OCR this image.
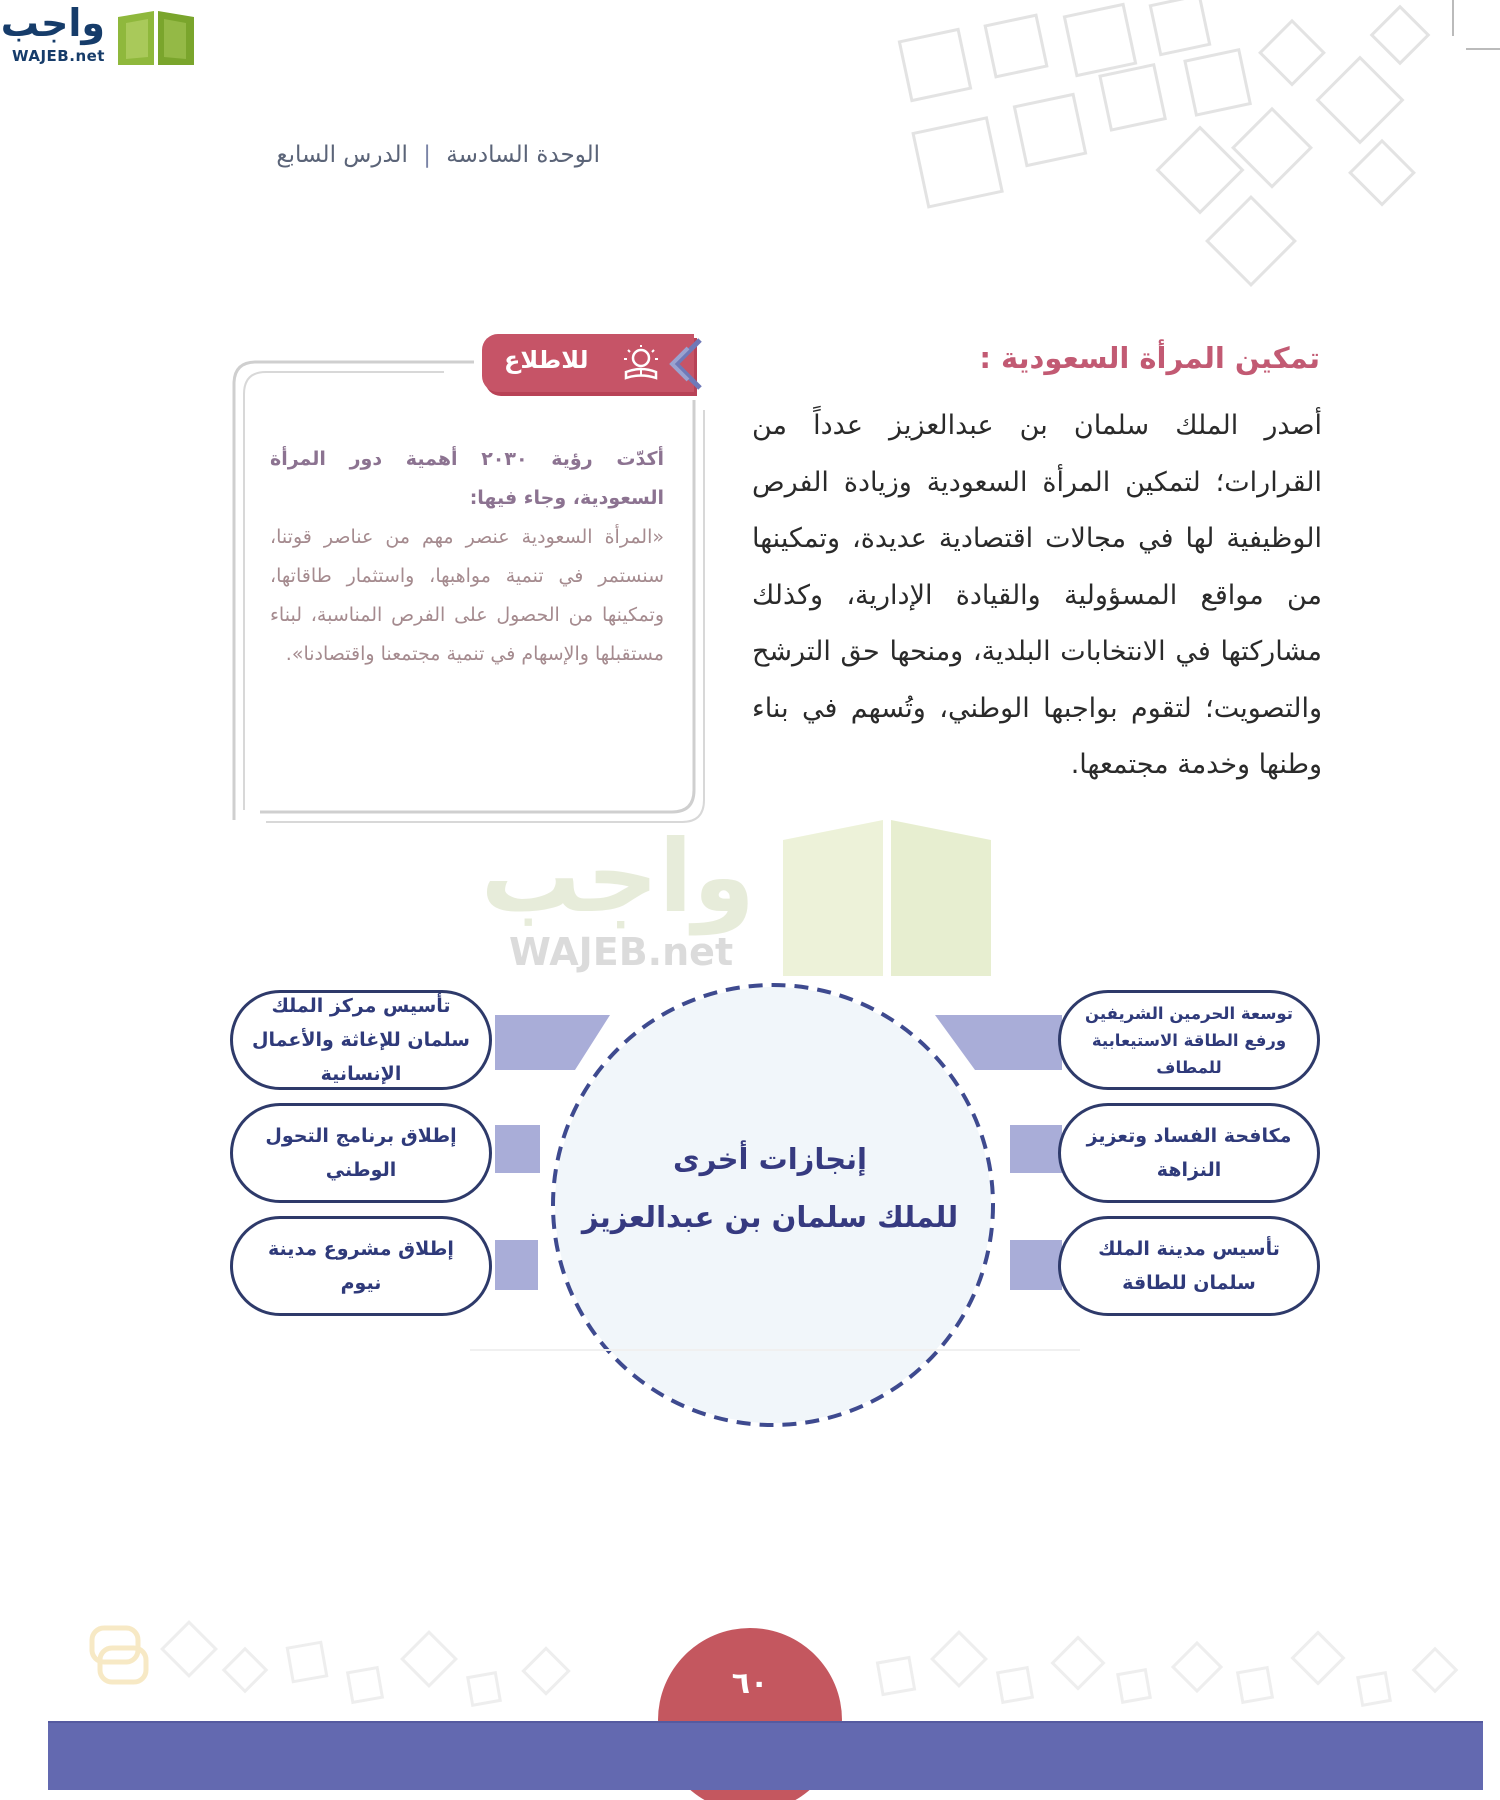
واجب
WAJEB.net
الوحدة السادسة | الدرس السابع
تمكين المرأة السعودية :
أصدر الملك سلمان بن عبدالعزيز عدداً من القرارات؛ لتمكين المرأة السعودية وزيادة الفرص الوظيفية لها في مجالات اقتصادية عديدة، وتمكينها من مواقع المسؤولية والقيادة الإدارية، وكذلك مشاركتها في الانتخابات البلدية، ومنحها حق الترشح والتصويت؛ لتقوم بواجبها الوطني، وتُسهم في بناء وطنها وخدمة مجتمعها.
للاطلاع
أكدّت رؤية ٢٠٣٠ أهمية دور المرأة السعودية، وجاء فيها:
«المرأة السعودية عنصر مهم من عناصر قوتنا، سنستمر في تنمية مواهبها، واستثمار طاقاتها، وتمكينها من الحصول على الفرص المناسبة، لبناء مستقبلها والإسهام في تنمية مجتمعنا واقتصادنا».
واجب
WAJEB.net
إنجازات أخرى
للملك سلمان بن عبدالعزيز
تأسيس مركز الملك سلمان للإغاثة والأعمال الإنسانية
إطلاق برنامج التحول الوطني
إطلاق مشروع مدينة نيوم
توسعة الحرمين الشريفين ورفع الطاقة الاستيعابية للمطاف
مكافحة الفساد وتعزيز النزاهة
تأسيس مدينة الملك سلمان للطاقة
٦٠
